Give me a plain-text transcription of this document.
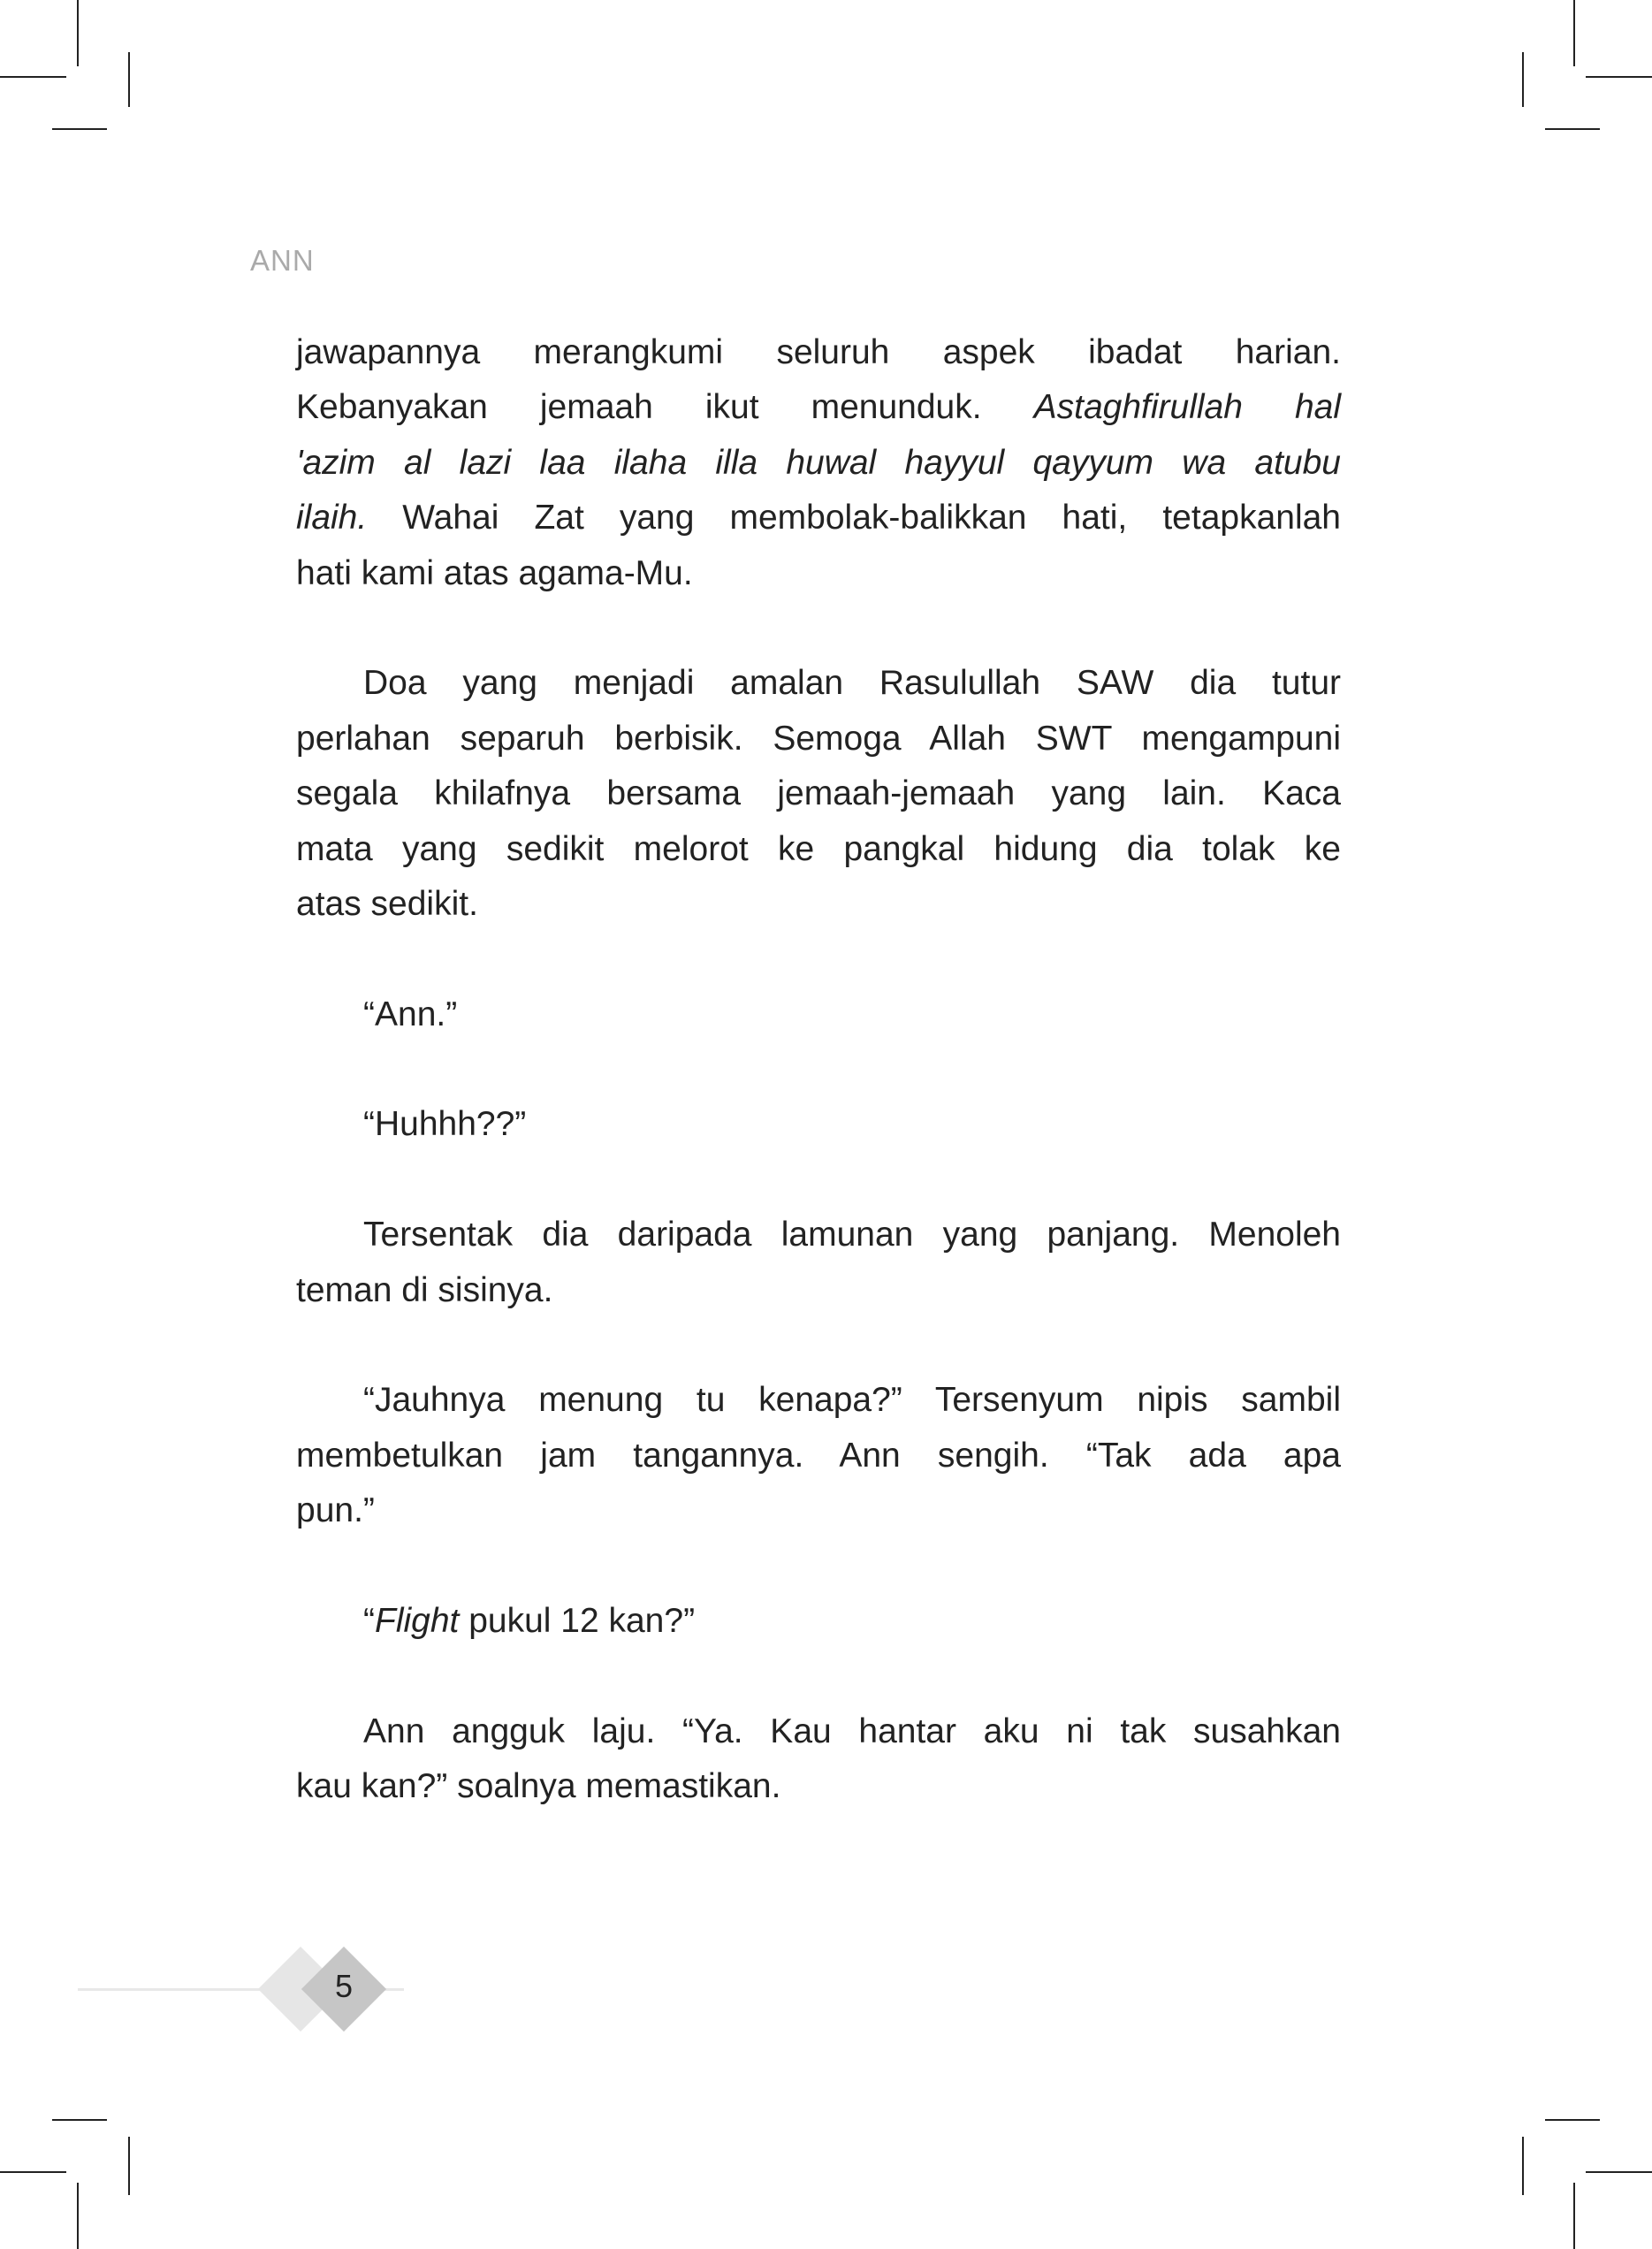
ANN
jawapannya merangkumi seluruh aspek ibadat harian.
Kebanyakan jemaah ikut menunduk. Astaghfirullah hal
'azim al lazi laa ilaha illa huwal hayyul qayyum wa atubu
ilaih. Wahai Zat yang membolak-balikkan hati, tetapkanlah
hati kami atas agama-Mu.
Doa yang menjadi amalan Rasulullah SAW dia tutur
perlahan separuh berbisik. Semoga Allah SWT mengampuni
segala khilafnya bersama jemaah-jemaah yang lain. Kaca
mata yang sedikit melorot ke pangkal hidung dia tolak ke
atas sedikit.
“Ann.”
“Huhhh??”
Tersentak dia daripada lamunan yang panjang. Menoleh
teman di sisinya.
“Jauhnya menung tu kenapa?” Tersenyum nipis sambil
membetulkan jam tangannya. Ann sengih. “Tak ada apa
pun.”
“Flight pukul 12 kan?”
Ann angguk laju. “Ya. Kau hantar aku ni tak susahkan
kau kan?” soalnya memastikan.
5
